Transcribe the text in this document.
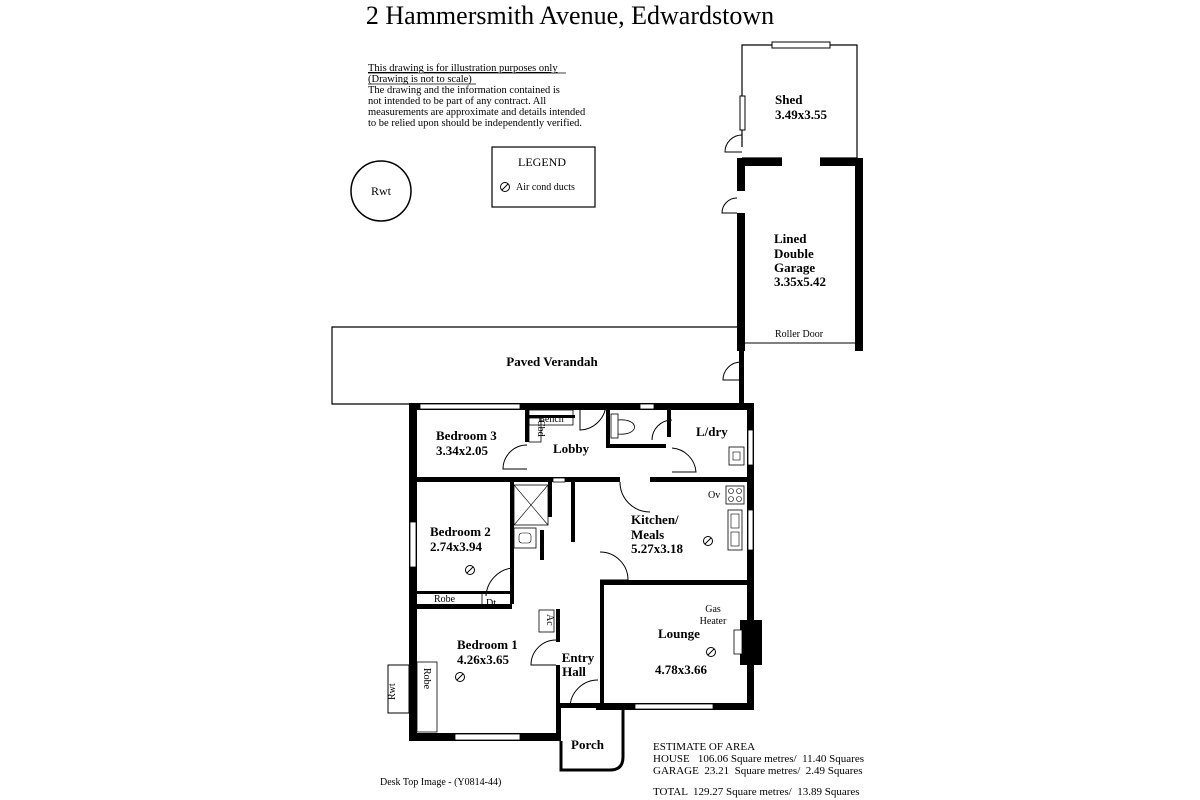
2 Hammersmith Avenue, Edwardstown
This drawing is for illustration purposes only
(Drawing is not to scale)
The drawing and the information contained is
not intended to be part of any contract. All
measurements are approximate and details intended
to be relied upon should be independently verified.
LEGEND
Air cond ducts
Rwt
Shed
3.49x3.55
Lined
Double
Garage
3.35x5.42
Roller Door
Paved Verandah
Bedroom 3
3.34x2.05
Cbd
Bench
Lobby
L/dry
Bedroom 2
2.74x3.94
Robe	Dt
Kitchen/
Meals
5.27x3.18
Ov
Ac
Bedroom 1
4.26x3.65
Robe
Rwt
Entry
Hall
Gas
Heater
Lounge
4.78x3.66
Porch	ESTIMATE OF AREA
HOUSE   106.06 Square metres/  11.40 Squares
GARAGE  23.21  Square metres/  2.49 Squares
TOTAL  129.27 Square metres/  13.89 Squares
Desk Top Image - (Y0814-44)
